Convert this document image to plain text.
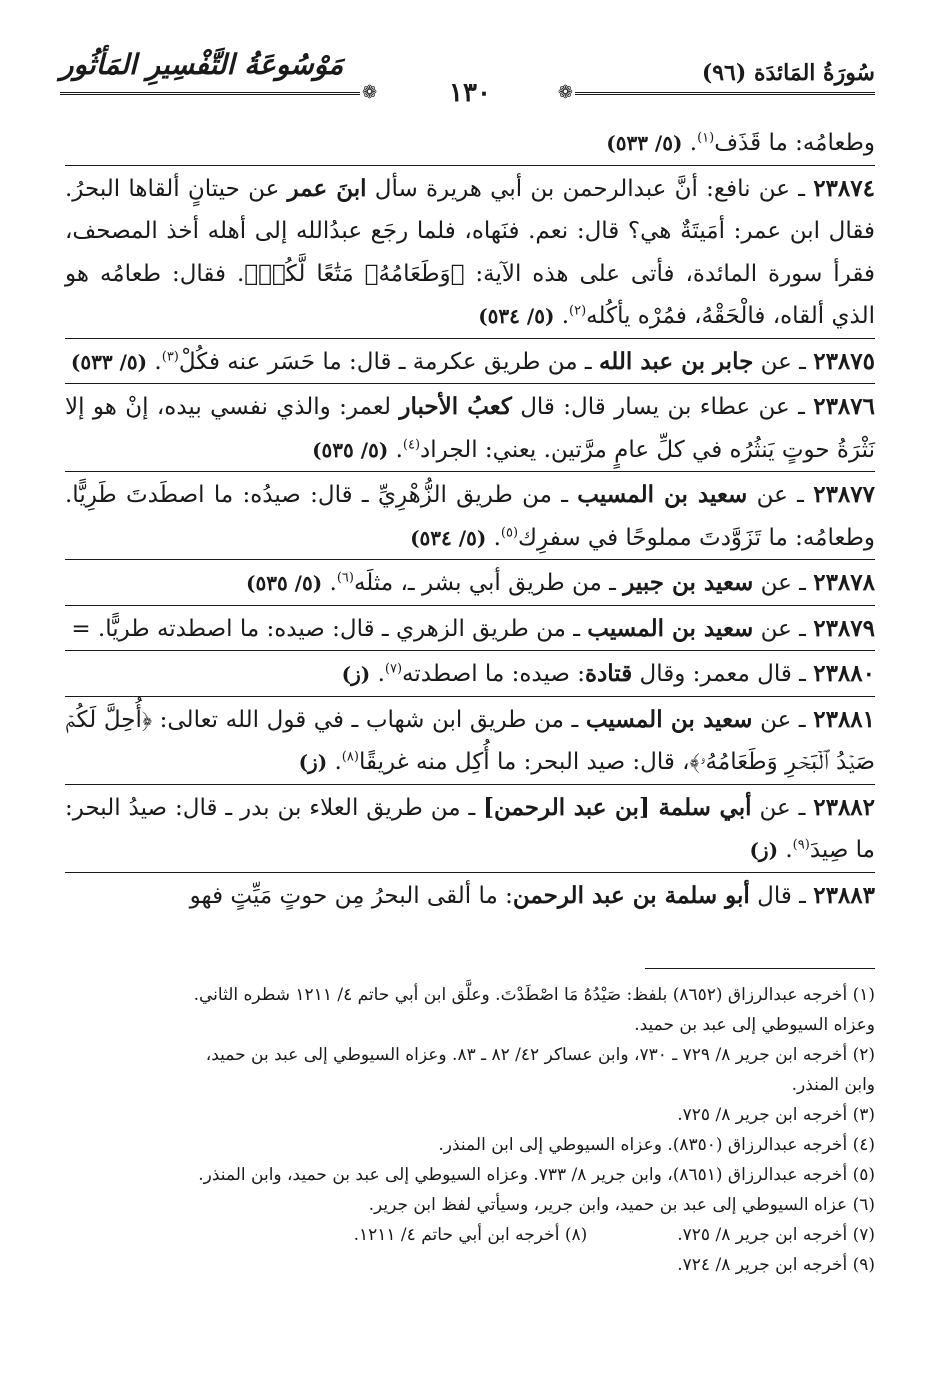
سُورَةُ المَائدَة (٩٦)
مَوْسُوعَةُ التَّفْسِيرِ المَأثُور
❁
١٣٠
❁

وطعامُه: ما قَذَف$^{(١)}$. (٥/ ٥٣٣)

٢٣٨٧٤ ـ عن نافع: أنَّ عبدالرحمن بن أبي هريرة سأل ابنَ عمر عن حيتانٍ ألقاها البحرُ. فقال ابن عمر: أمَيتَةٌ هي؟ قال: نعم. فنَهاه، فلما رجَع عبدُالله إلى أهله أخذ المصحف، فقرأ سورة المائدة، فأتى على هذه الآية: ﴿وَطَعَامُهُۥ مَتَٰعًا لَّكُمۡ﴾. فقال: طعامُه هو الذي ألقاه، فالْحَقْهُ، فمُرْه يأكُله$^{(٢)}$. (٥/ ٥٣٤)

٢٣٨٧٥ ـ عن جابر بن عبد الله ـ من طريق عكرمة ـ قال: ما حَسَر عنه فكُلْ$^{(٣)}$. (٥/ ٥٣٣)

٢٣٨٧٦ ـ عن عطاء بن يسار قال: قال كعبُ الأحبار لعمر: والذي نفسي بيده، إنْ هو إلا نَثْرَةُ حوتٍ يَنثُرُه في كلِّ عامٍ مرَّتين. يعني: الجراد$^{(٤)}$. (٥/ ٥٣٥)

٢٣٨٧٧ ـ عن سعيد بن المسيب ـ من طريق الزُّهْرِيِّ ـ قال: صيدُه: ما اصطَدتَ طَرِيًّا. وطعامُه: ما تَزَوَّدتَ مملوحًا في سفرِك$^{(٥)}$. (٥/ ٥٣٤)

٢٣٨٧٨ ـ عن سعيد بن جبير ـ من طريق أبي بشر ـ، مثلَه$^{(٦)}$. (٥/ ٥٣٥)

٢٣٨٧٩ ـ عن سعيد بن المسيب ـ من طريق الزهري ـ قال: صيده: ما اصطدته طريًّا. =

٢٣٨٨٠ ـ قال معمر: وقال قتادة: صيده: ما اصطدته$^{(٧)}$. (ز)

٢٣٨٨١ ـ عن سعيد بن المسيب ـ من طريق ابن شهاب ـ في قول الله تعالى: ﴿أُحِلَّ لَكُمۡ صَيۡدُ ٱلۡبَحۡرِ وَطَعَامُهُۥ﴾، قال: صيد البحر: ما أُكِل منه غريقًا$^{(٨)}$. (ز)

٢٣٨٨٢ ـ عن أبي سلمة [بن عبد الرحمن] ـ من طريق العلاء بن بدر ـ قال: صيدُ البحر: ما صِيدَ$^{(٩)}$. (ز)

٢٣٨٨٣ ـ قال أبو سلمة بن عبد الرحمن: ما ألقى البحرُ مِن حوتٍ مَيِّتٍ فهو

(١) أخرجه عبدالرزاق (٨٦٥٢) بلفظ: صَيْدُهُ مَا اصْطَدْتَ. وعلَّق ابن أبي حاتم ٤/ ١٢١١ شطره الثاني.

وعزاه السيوطي إلى عبد بن حميد.

(٢) أخرجه ابن جرير ٨/ ٧٢٩ ـ ٧٣٠، وابن عساكر ٤٢/ ٨٢ ـ ٨٣. وعزاه السيوطي إلى عبد بن حميد،

وابن المنذر.

(٣) أخرجه ابن جرير ٨/ ٧٢٥.

(٤) أخرجه عبدالرزاق (٨٣٥٠). وعزاه السيوطي إلى ابن المنذر.

(٥) أخرجه عبدالرزاق (٨٦٥١)، وابن جرير ٨/ ٧٣٣. وعزاه السيوطي إلى عبد بن حميد، وابن المنذر.

(٦) عزاه السيوطي إلى عبد بن حميد، وابن جرير، وسيأتي لفظ ابن جرير.

(٧) أخرجه ابن جرير ٨/ ٧٢٥.

(٨) أخرجه ابن أبي حاتم ٤/ ١٢١١.

(٩) أخرجه ابن جرير ٨/ ٧٢٤.
